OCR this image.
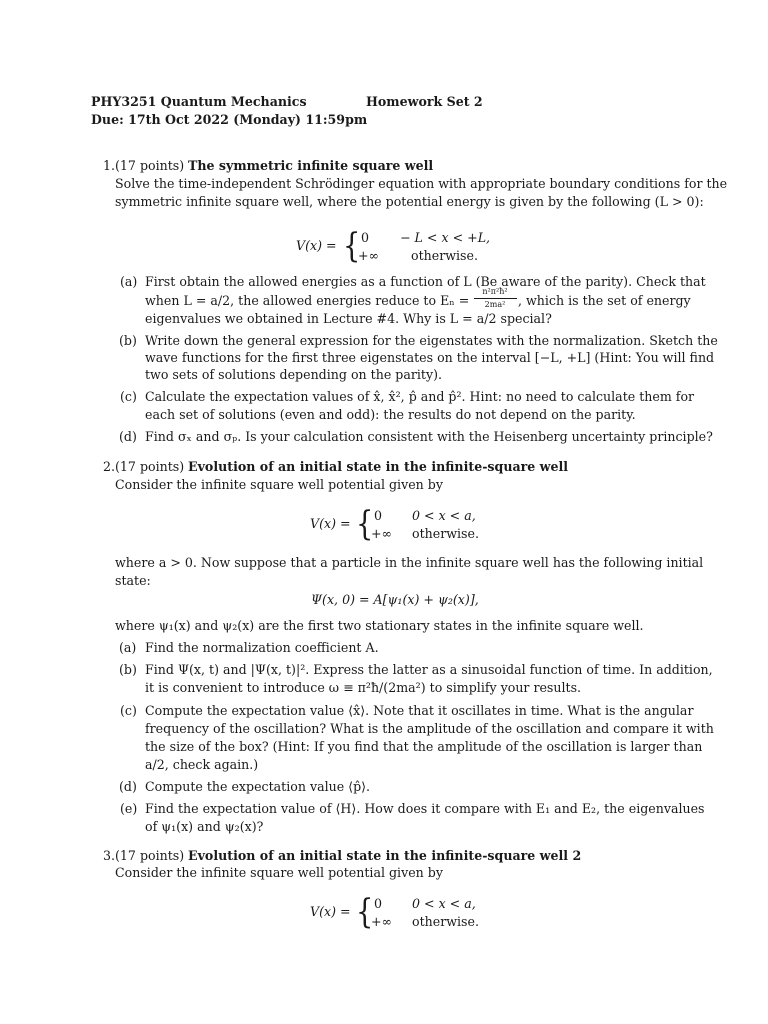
PHY3251 Quantum Mechanics	Homework Set 2
Due: 17th Oct 2022 (Monday) 11:59pm
1. (17 points) The symmetric infinite square well
Solve the time-independent Schrödinger equation with appropriate boundary conditions for the
symmetric infinite square well, where the potential energy is given by the following (L > 0):
V(x) = { 0 − L < x < +L,
+∞	otherwise.
(a) First obtain the allowed energies as a function of L (Be aware of the parity). Check that
when L = a/2, the allowed energies reduce to Eₙ =
n²π²ħ²
2ma²	, which is the set of energy
eigenvalues we obtained in Lecture #4. Why is L = a/2 special?
(b) Write down the general expression for the eigenstates with the normalization. Sketch the
wave functions for the first three eigenstates on the interval [−L, +L] (Hint: You will find
two sets of solutions depending on the parity).
(c) Calculate the expectation values of x̂, x̂², p̂ and p̂². Hint: no need to calculate them for
each set of solutions (even and odd): the results do not depend on the parity.
(d) Find σₓ and σₚ. Is your calculation consistent with the Heisenberg uncertainty principle?
2. (17 points) Evolution of an initial state in the infinite-square well
Consider the infinite square well potential given by
V(x) = { 0 0 < x < a,
+∞ otherwise.
where a > 0. Now suppose that a particle in the infinite square well has the following initial
state:
Ψ(x, 0) = A[ψ₁(x) + ψ₂(x)],
where ψ₁(x) and ψ₂(x) are the first two stationary states in the infinite square well.
(a) Find the normalization coefficient A.
(b) Find Ψ(x, t) and |Ψ(x, t)|². Express the latter as a sinusoidal function of time. In addition,
it is convenient to introduce ω ≡ π²ħ/(2ma²) to simplify your results.
(c) Compute the expectation value ⟨x̂⟩. Note that it oscillates in time. What is the angular
frequency of the oscillation? What is the amplitude of the oscillation and compare it with
the size of the box? (Hint: If you find that the amplitude of the oscillation is larger than
a/2, check again.)
(d) Compute the expectation value ⟨p̂⟩.
(e) Find the expectation value of ⟨H⟩. How does it compare with E₁ and E₂, the eigenvalues
of ψ₁(x) and ψ₂(x)?
3. (17 points) Evolution of an initial state in the infinite-square well 2
Consider the infinite square well potential given by
V(x) = { 0 0 < x < a,
+∞ otherwise.
